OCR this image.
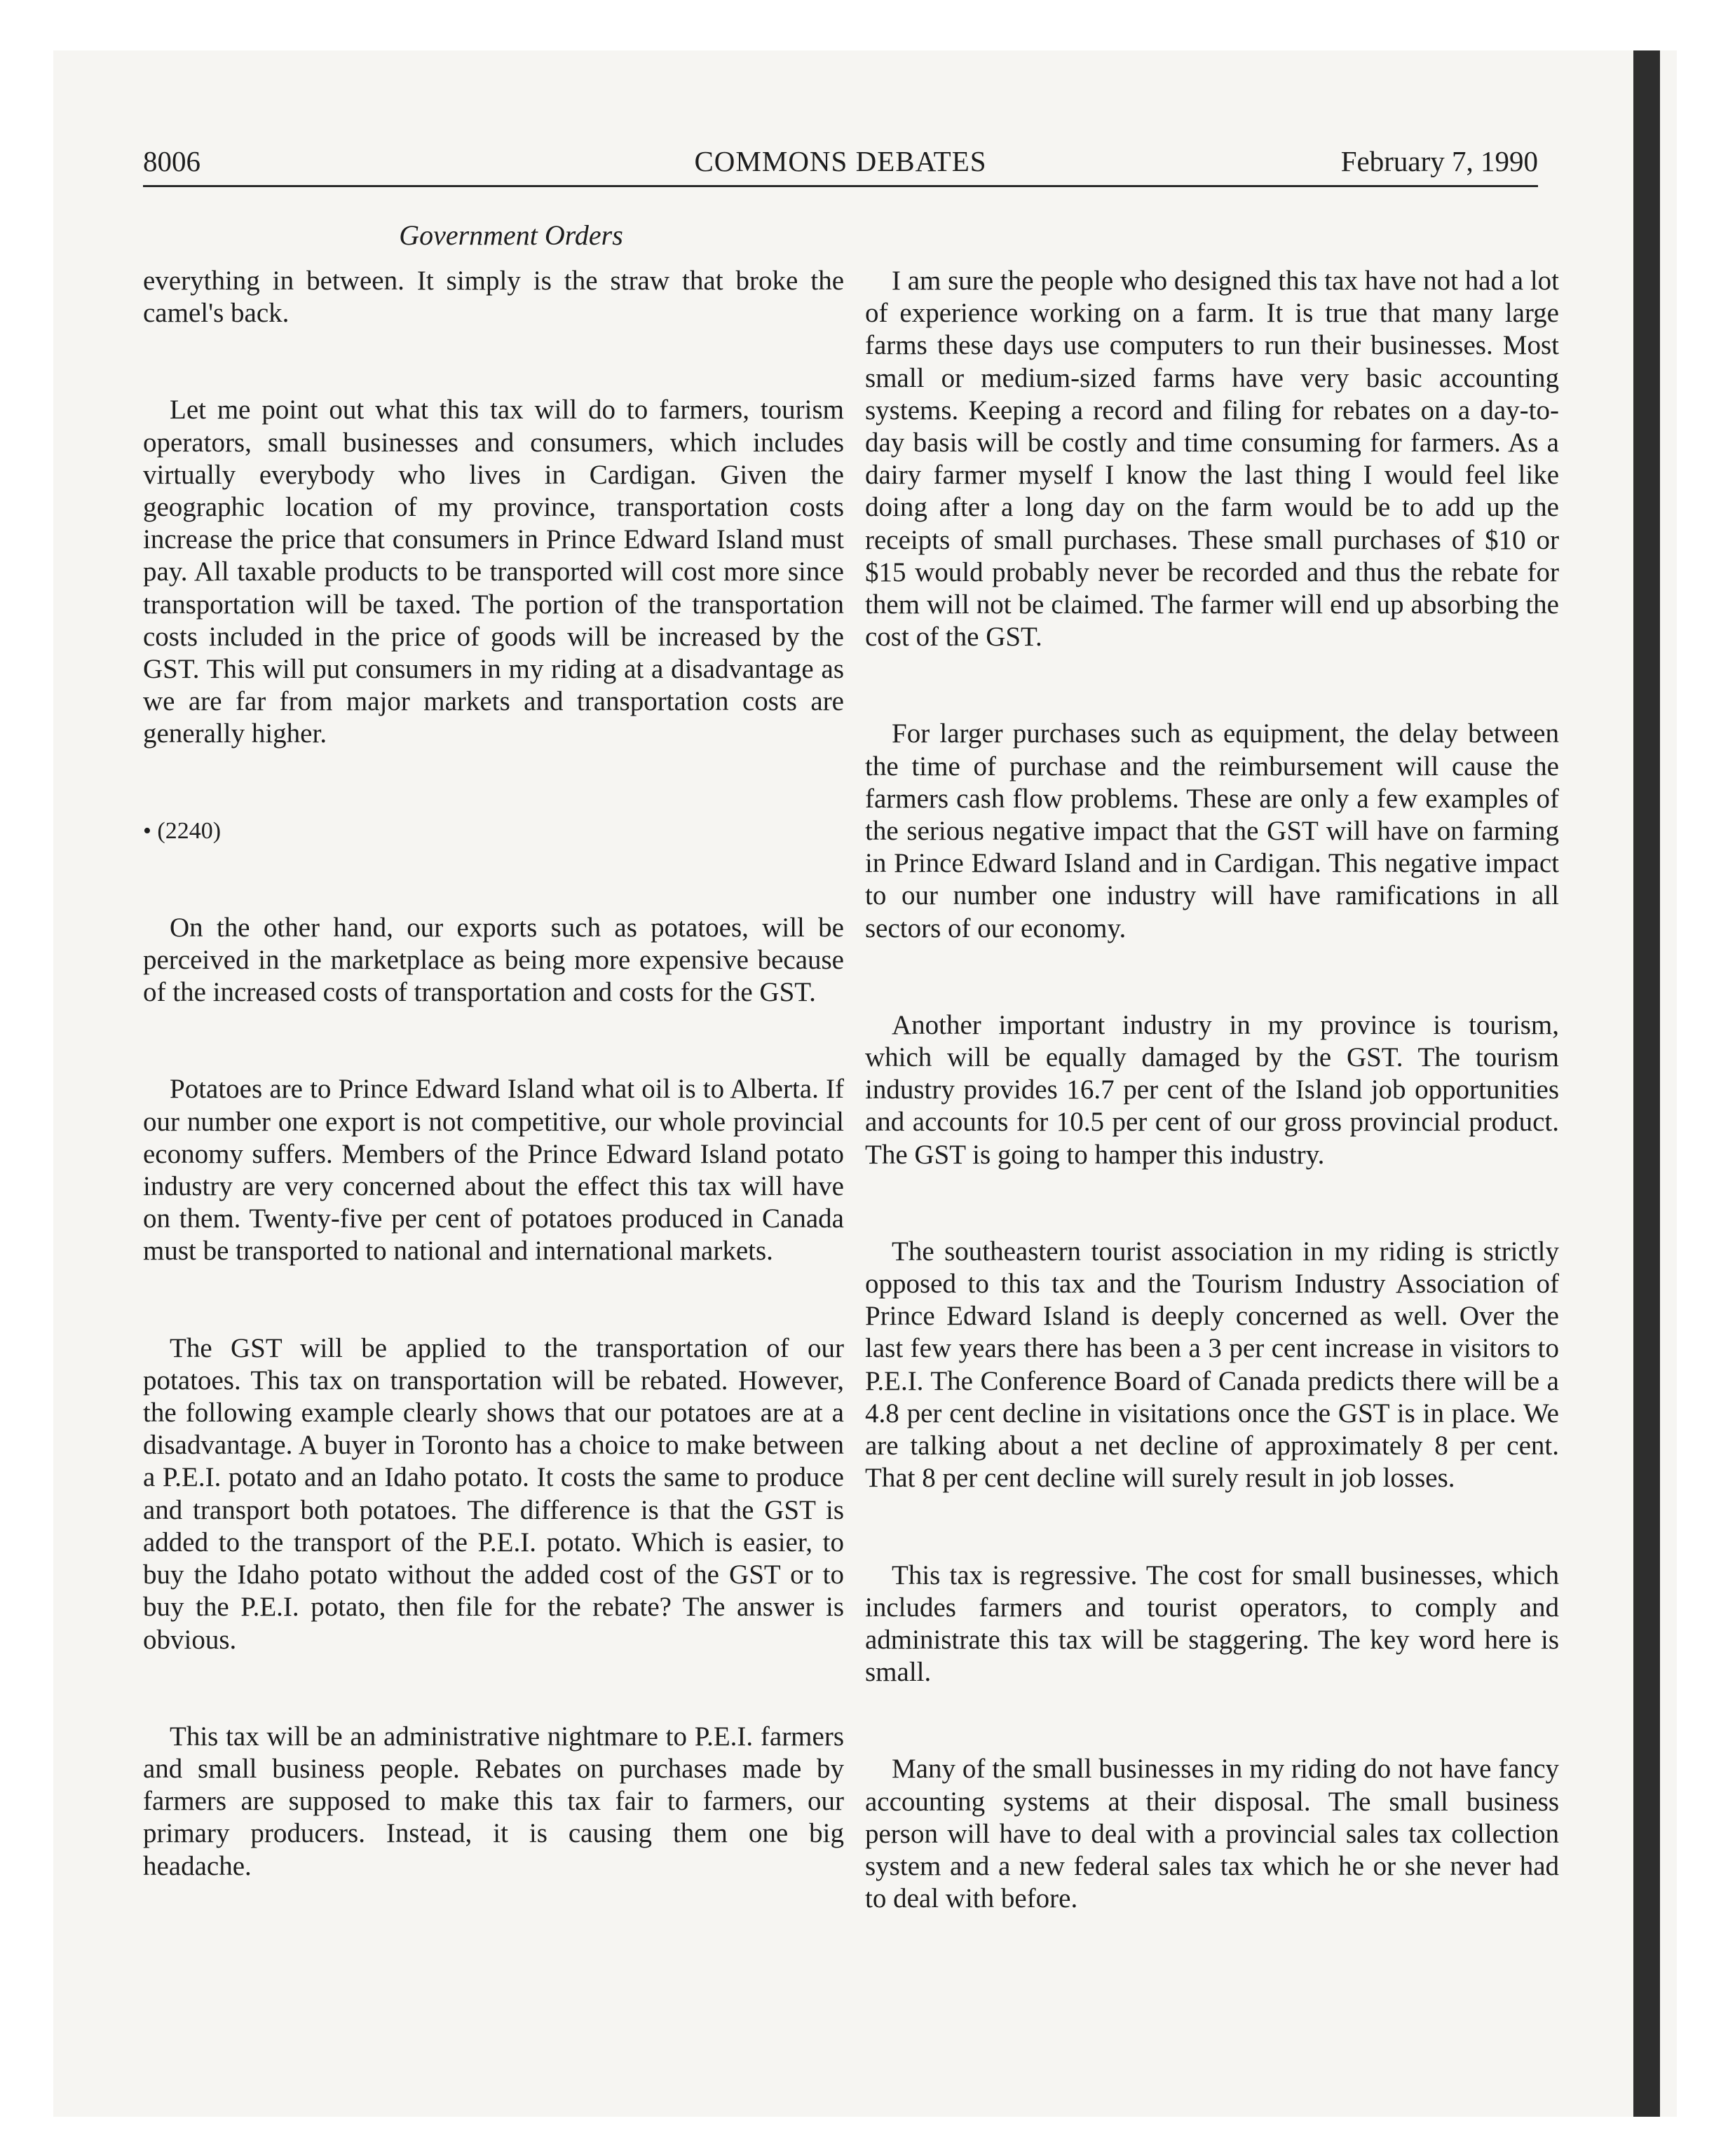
8006	COMMONS DEBATES	February 7, 1990
Government Orders

everything in between. It simply is the straw that broke the camel's back.

Let me point out what this tax will do to farmers, tourism operators, small businesses and consumers, which includes virtually everybody who lives in Cardigan. Given the geographic location of my province, transportation costs increase the price that consumers in Prince Edward Island must pay. All taxable products to be transported will cost more since transportation will be taxed. The portion of the transportation costs included in the price of goods will be increased by the GST. This will put consumers in my riding at a disadvantage as we are far from major markets and transportation costs are generally higher.

• (2240)

On the other hand, our exports such as potatoes, will be perceived in the marketplace as being more expensive because of the increased costs of transportation and costs for the GST.

Potatoes are to Prince Edward Island what oil is to Alberta. If our number one export is not competitive, our whole provincial economy suffers. Members of the Prince Edward Island potato industry are very concerned about the effect this tax will have on them. Twenty-five per cent of potatoes produced in Canada must be transported to national and international markets.

The GST will be applied to the transportation of our potatoes. This tax on transportation will be rebated. However, the following example clearly shows that our potatoes are at a disadvantage. A buyer in Toronto has a choice to make between a P.E.I. potato and an Idaho potato. It costs the same to produce and transport both potatoes. The difference is that the GST is added to the transport of the P.E.I. potato. Which is easier, to buy the Idaho potato without the added cost of the GST or to buy the P.E.I. potato, then file for the rebate? The answer is obvious.

This tax will be an administrative nightmare to P.E.I. farmers and small business people. Rebates on purchases made by farmers are supposed to make this tax fair to farmers, our primary producers. Instead, it is causing them one big headache.

I am sure the people who designed this tax have not had a lot of experience working on a farm. It is true that many large farms these days use computers to run their businesses. Most small or medium-sized farms have very basic accounting systems. Keeping a record and filing for rebates on a day-to-day basis will be costly and time consuming for farmers. As a dairy farmer myself I know the last thing I would feel like doing after a long day on the farm would be to add up the receipts of small purchases. These small purchases of $10 or $15 would probably never be recorded and thus the rebate for them will not be claimed. The farmer will end up absorbing the cost of the GST.

For larger purchases such as equipment, the delay between the time of purchase and the reimbursement will cause the farmers cash flow problems. These are only a few examples of the serious negative impact that the GST will have on farming in Prince Edward Island and in Cardigan. This negative impact to our number one industry will have ramifications in all sectors of our economy.

Another important industry in my province is tourism, which will be equally damaged by the GST. The tourism industry provides 16.7 per cent of the Island job opportunities and accounts for 10.5 per cent of our gross provincial product. The GST is going to hamper this industry.

The southeastern tourist association in my riding is strictly opposed to this tax and the Tourism Industry Association of Prince Edward Island is deeply concerned as well. Over the last few years there has been a 3 per cent increase in visitors to P.E.I. The Conference Board of Canada predicts there will be a 4.8 per cent decline in visitations once the GST is in place. We are talking about a net decline of approximately 8 per cent. That 8 per cent decline will surely result in job losses.

This tax is regressive. The cost for small businesses, which includes farmers and tourist operators, to comply and administrate this tax will be staggering. The key word here is small.

Many of the small businesses in my riding do not have fancy accounting systems at their disposal. The small business person will have to deal with a provincial sales tax collection system and a new federal sales tax which he or she never had to deal with before.
